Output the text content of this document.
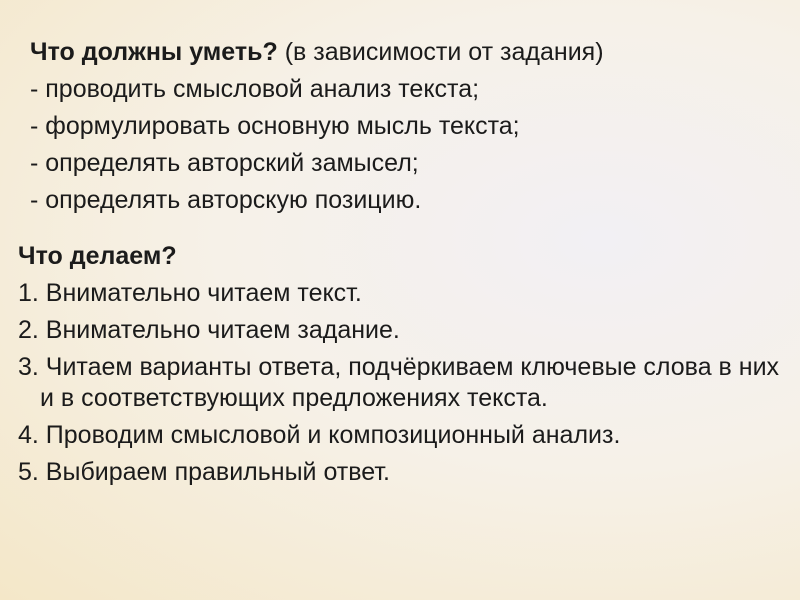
Что должны уметь? (в зависимости от задания)
- проводить смысловой анализ текста;
- формулировать основную мысль текста;
- определять авторский замысел;
- определять авторскую позицию.
Что делаем?
1. Внимательно читаем текст.
2. Внимательно читаем задание.
3. Читаем варианты ответа, подчёркиваем ключевые слова в них и в соответствующих предложениях текста.
4. Проводим смысловой и композиционный анализ.
5. Выбираем правильный ответ.
